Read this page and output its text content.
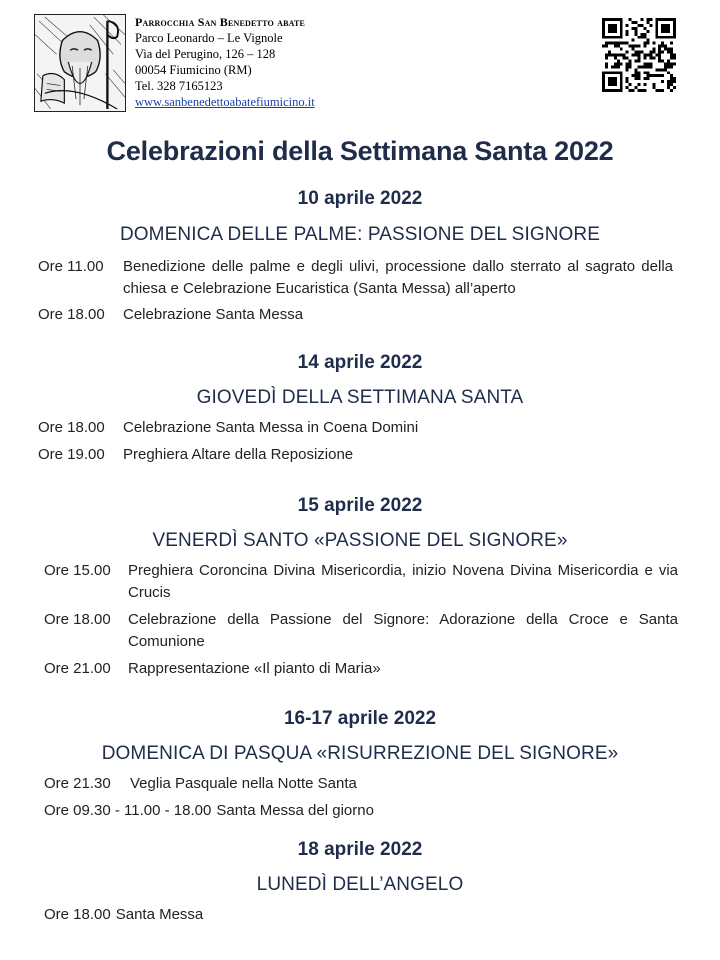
Parrocchia San Benedetto abate
Parco Leonardo – Le Vignole
Via del Perugino, 126 – 128
00054 Fiumicino (RM)
Tel. 328 7165123
www.sanbenedettoabatefiumicino.it
Celebrazioni della Settimana Santa 2022
10 aprile 2022
DOMENICA DELLE PALME: PASSIONE DEL SIGNORE
Ore 11.00	Benedizione delle palme e degli ulivi, processione dallo sterrato al sagrato della chiesa e Celebrazione Eucaristica (Santa Messa) all’aperto
Ore 18.00	Celebrazione Santa Messa
14 aprile 2022
GIOVEDÌ DELLA SETTIMANA SANTA
Ore 18.00	Celebrazione Santa Messa in Coena Domini
Ore 19.00	Preghiera Altare della Reposizione
15 aprile 2022
VENERDÌ SANTO «PASSIONE DEL SIGNORE»
Ore 15.00	Preghiera Coroncina Divina Misericordia, inizio Novena Divina Misericordia e via Crucis
Ore 18.00	Celebrazione della Passione del Signore: Adorazione della Croce e Santa Comunione
Ore 21.00	Rappresentazione «Il pianto di Maria»
16-17 aprile 2022
DOMENICA DI PASQUA «RISURREZIONE DEL SIGNORE»
Ore 21.30	Veglia Pasquale nella Notte Santa
Ore 09.30 - 11.00 - 18.00 Santa Messa del giorno
18 aprile 2022
LUNEDÌ DELL’ANGELO
Ore 18.00 Santa Messa
